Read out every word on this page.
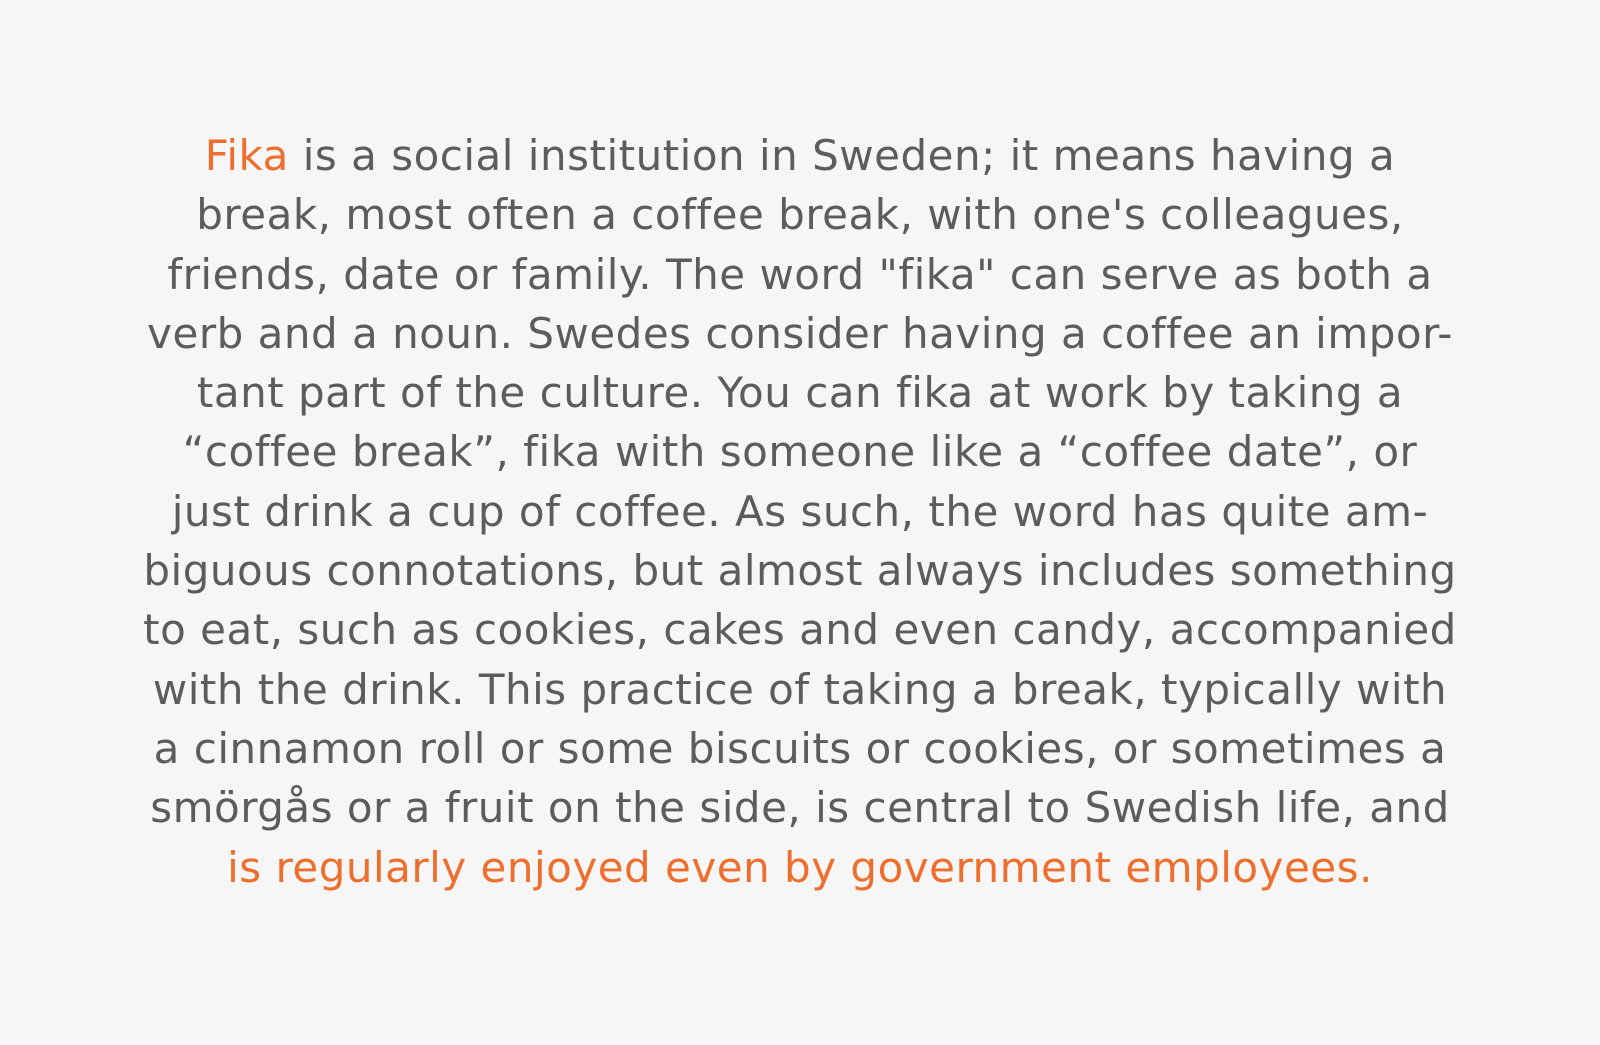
Fika is a social institution in Sweden; it means having a
break, most often a coffee break, with one's colleagues,
friends, date or family. The word "fika" can serve as both a
verb and a noun. Swedes consider having a coffee an impor-
tant part of the culture. You can fika at work by taking a
“coffee break”, fika with someone like a “coffee date”, or
just drink a cup of coffee. As such, the word has quite am-
biguous connotations, but almost always includes something
to eat, such as cookies, cakes and even candy, accompanied
with the drink. This practice of taking a break, typically with
a cinnamon roll or some biscuits or cookies, or sometimes a
smörgås or a fruit on the side, is central to Swedish life, and
is regularly enjoyed even by government employees.
